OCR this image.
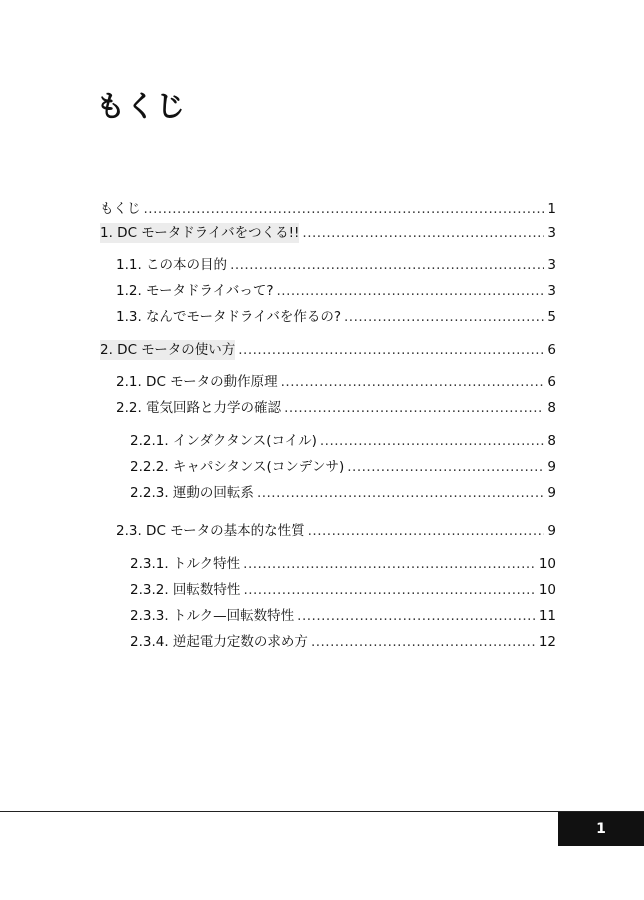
もくじ
もくじ .....	1
1. DC モータドライバをつくる!! .....	3
1.1. この本の目的 .....	3
1.2. モータドライバって? .....	3
1.3. なんでモータドライバを作るの? .....	5
2. DC モータの使い方 .....	6
2.1. DC モータの動作原理 .....	6
2.2. 電気回路と力学の確認 .....	8
2.2.1. インダクタンス(コイル) .....	8
2.2.2. キャパシタンス(コンデンサ) .....	9
2.2.3. 運動の回転系 .....	9
2.3. DC モータの基本的な性質 .....	9
2.3.1. トルク特性 .....	10
2.3.2. 回転数特性 .....	10
2.3.3. トルク—回転数特性 .....	11
2.3.4. 逆起電力定数の求め方 .....	12
1
